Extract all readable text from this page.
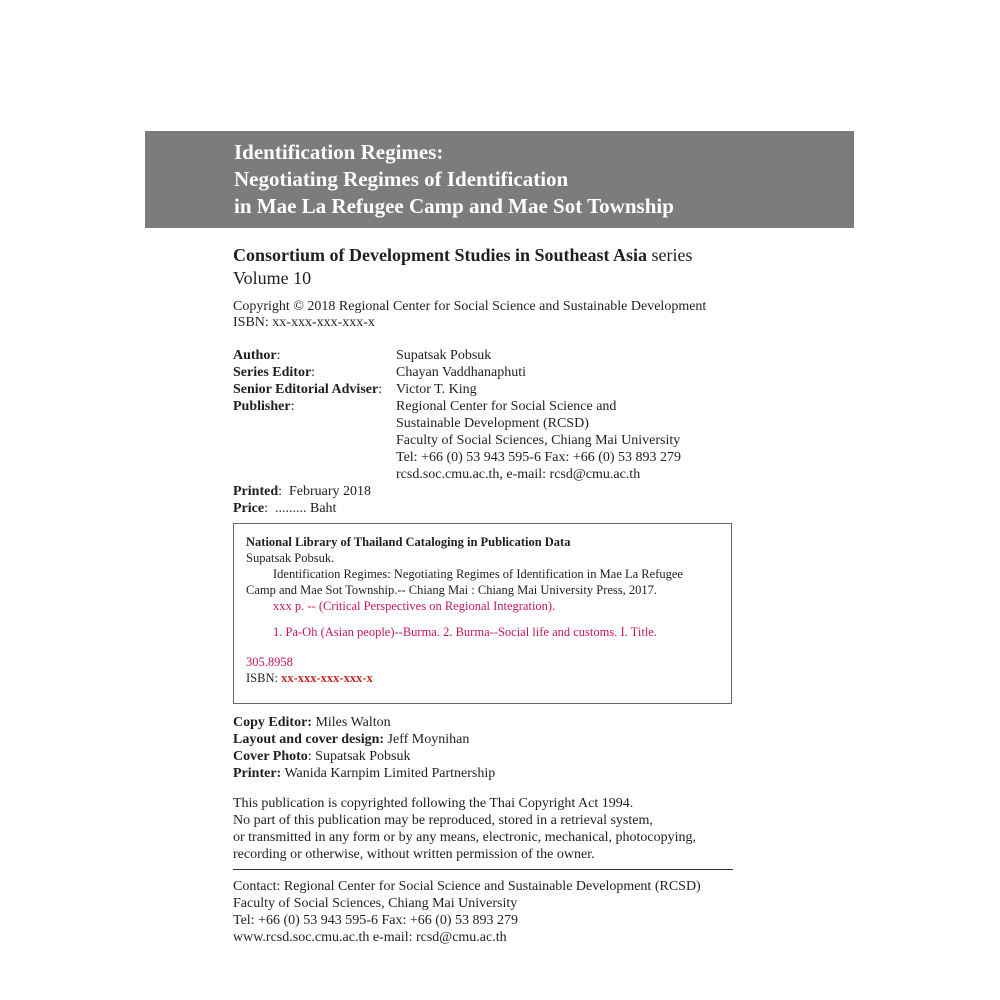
Identification Regimes:
Negotiating Regimes of Identification
in Mae La Refugee Camp and Mae Sot Township
Consortium of Development Studies in Southeast Asia series
Volume 10
Copyright © 2018 Regional Center for Social Science and Sustainable Development
ISBN: xx-xxx-xxx-xxx-x
Author:	Supatsak Pobsuk
Series Editor:	Chayan Vaddhanaphuti
Senior Editorial Adviser: Victor T. King
Publisher:	Regional Center for Social Science and
Sustainable Development (RCSD)
Faculty of Social Sciences, Chiang Mai University
Tel: +66 (0) 53 943 595-6 Fax: +66 (0) 53 893 279
rcsd.soc.cmu.ac.th, e-mail: rcsd@cmu.ac.th
Printed:  February 2018
Price:  ......... Baht
National Library of Thailand Cataloging in Publication Data
Supatsak Pobsuk.
Identification Regimes: Negotiating Regimes of Identification in Mae La Refugee
Camp and Mae Sot Township.-- Chiang Mai : Chiang Mai University Press, 2017.
xxx p. -- (Critical Perspectives on Regional Integration).
1. Pa-Oh (Asian people)--Burma. 2. Burma--Social life and customs. I. Title.
305.8958
ISBN: xx-xxx-xxx-xxx-x
Copy Editor: Miles Walton
Layout and cover design: Jeff Moynihan
Cover Photo: Supatsak Pobsuk
Printer: Wanida Karnpim Limited Partnership
This publication is copyrighted following the Thai Copyright Act 1994.
No part of this publication may be reproduced, stored in a retrieval system,
or transmitted in any form or by any means, electronic, mechanical, photocopying,
recording or otherwise, without written permission of the owner.
Contact: Regional Center for Social Science and Sustainable Development (RCSD)
Faculty of Social Sciences, Chiang Mai University
Tel: +66 (0) 53 943 595-6 Fax: +66 (0) 53 893 279
www.rcsd.soc.cmu.ac.th e-mail: rcsd@cmu.ac.th
